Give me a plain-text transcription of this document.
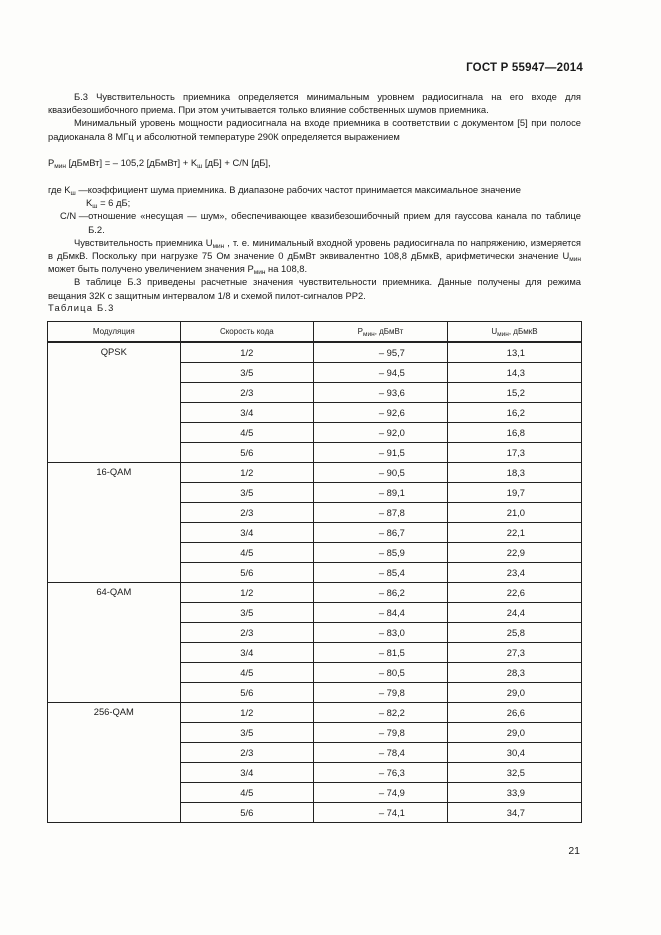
ГОСТ Р 55947—2014

Б.3 Чувствительность приемника определяется минимальным уровнем радиосигнала на его входе для квазибезошибочного приема. При этом учитывается только влияние собственных шумов приемника.

Минимальный уровень мощности радиосигнала на входе приемника в соответствии с документом [5] при полосе радиоканала 8 МГц и абсолютной температуре 290К определяется выражением

$P_{мин}$ [дБмВт] = – 105,2 [дБмВт] + $K_ш$ [дБ] + C/N [дБ],

где $K_ш$ — коэффициент шума приемника. В диапазоне рабочих частот принимается максимальное значение

$K_ш = 6$ дБ;

C/N — отношение «несущая — шум», обеспечивающее квазибезошибочный прием для гауссова канала по таблице Б.2.

Чувствительность приемника $U_{мин}$ , т. е. минимальный входной уровень радиосигнала по напряжению, измеряется в дБмкВ. Поскольку при нагрузке 75 Ом значение 0 дБмВт эквивалентно 108,8 дБмкВ, арифметически значение $U_{мин}$ может быть получено увеличением значения $P_{мин}$ на 108,8.

В таблице Б.3 приведены расчетные значения чувствительности приемника. Данные получены для режима вещания 32К с защитным интервалом 1/8 и схемой пилот-сигналов PP2.

Таблица Б.3
Модуляция	Скорость кода	$P_{мин}$, дБмВт	$U_{мин}$, дБмкВ
QPSK	1/2	– 95,7	13,1
	3/5	– 94,5	14,3
	2/3	– 93,6	15,2
	3/4	– 92,6	16,2
	4/5	– 92,0	16,8
	5/6	– 91,5	17,3
16-QAM	1/2	– 90,5	18,3
	3/5	– 89,1	19,7
	2/3	– 87,8	21,0
	3/4	– 86,7	22,1
	4/5	– 85,9	22,9
	5/6	– 85,4	23,4
64-QAM	1/2	– 86,2	22,6
	3/5	– 84,4	24,4
	2/3	– 83,0	25,8
	3/4	– 81,5	27,3
	4/5	– 80,5	28,3
	5/6	– 79,8	29,0
256-QAM	1/2	– 82,2	26,6
	3/5	– 79,8	29,0
	2/3	– 78,4	30,4
	3/4	– 76,3	32,5
	4/5	– 74,9	33,9
	5/6	– 74,1	34,7
21
